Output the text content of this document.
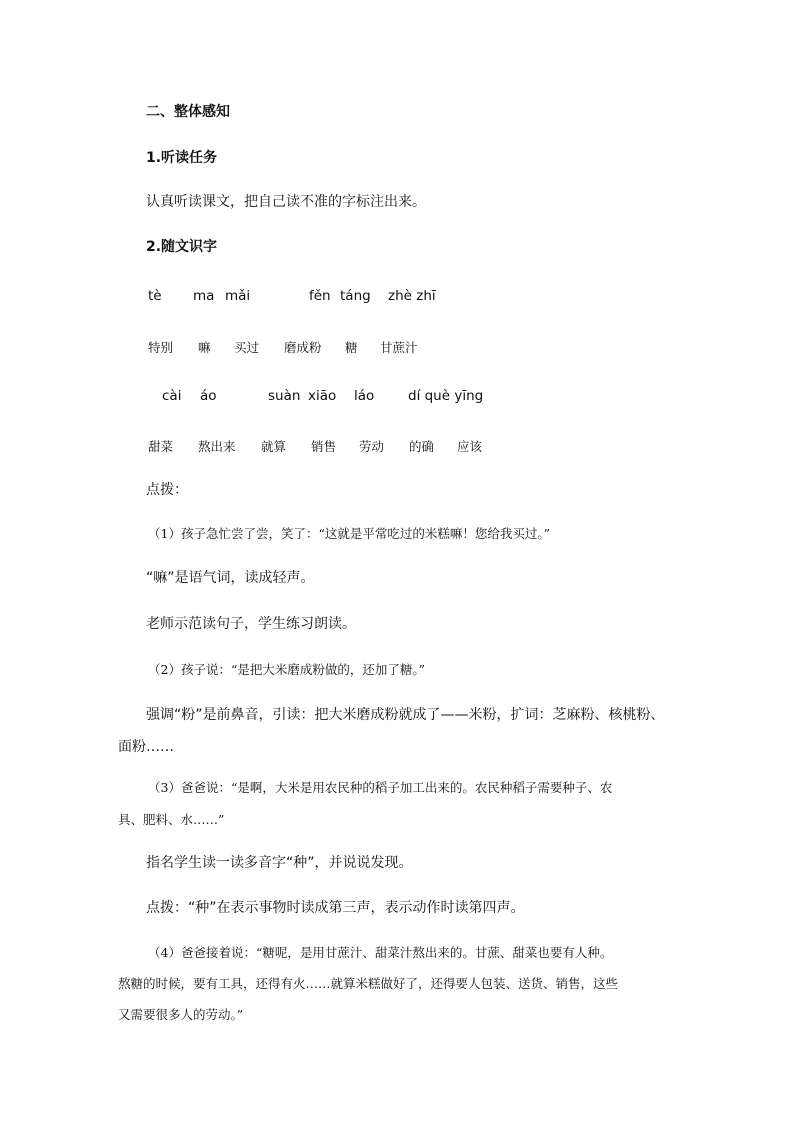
二、整体感知
1.听读任务
认真听读课文，把自己读不准的字标注出来。
2.随文识字
tè ma mǎi	fěn táng zhè zhī
特别 嘛 买过 磨成粉 糖 甘蔗汁
cài áo	suàn xiāo láo dí què yīng
甜菜 熬出来 就算 销售 劳动 的确 应该
点拨：
（1）孩子急忙尝了尝，笑了：“这就是平常吃过的米糕嘛！您给我买过。”
“嘛”是语气词，读成轻声。
老师示范读句子，学生练习朗读。
（2）孩子说：“是把大米磨成粉做的，还加了糖。”
强调“粉”是前鼻音，引读：把大米磨成粉就成了——米粉，扩词：芝麻粉、核桃粉、
面粉……
（3）爸爸说：“是啊，大米是用农民种的稻子加工出来的。农民种稻子需要种子、农
具、肥料、水……”
指名学生读一读多音字“种”，并说说发现。
点拨：“种”在表示事物时读成第三声，表示动作时读第四声。
（4）爸爸接着说：“糖呢，是用甘蔗汁、甜菜汁熬出来的。甘蔗、甜菜也要有人种。
熬糖的时候，要有工具，还得有火……就算米糕做好了，还得要人包装、送货、销售，这些
又需要很多人的劳动。”
